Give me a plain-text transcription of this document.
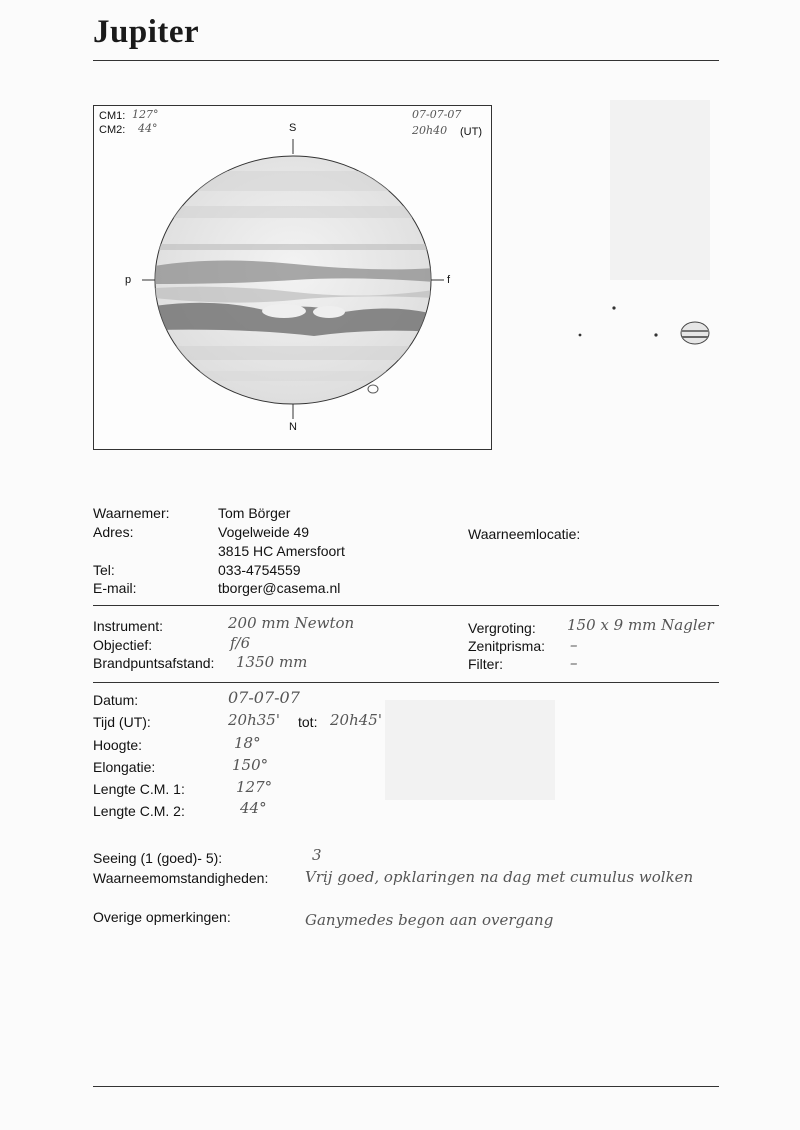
Jupiter
CM1: 127°
CM2: 44°
07-07-07
20h40 (UT)
S
N
p	f
Waarnemer:	Tom Börger
Adres:	Vogelweide 49
3815 HC Amersfoort
Tel:	033-4754559
E-mail:	tborger@casema.nl
Waarneemlocatie:
Instrument:	200 mm Newton
Objectief:	f/6
Brandpuntsafstand: 1350 mm
Vergroting: 150 x 9 mm Nagler
Zenitprisma: –
Filter:	–
Datum:	07-07-07
Tijd (UT):	20h35' tot: 20h45'
Hoogte:	18°
Elongatie:	150°
Lengte C.M. 1:	127°
Lengte C.M. 2:	44°
Seeing (1 (goed)- 5):	3
Waarneemomstandigheden: Vrij goed, opklaringen na dag met cumulus wolken
Overige opmerkingen:	Ganymedes begon aan overgang
